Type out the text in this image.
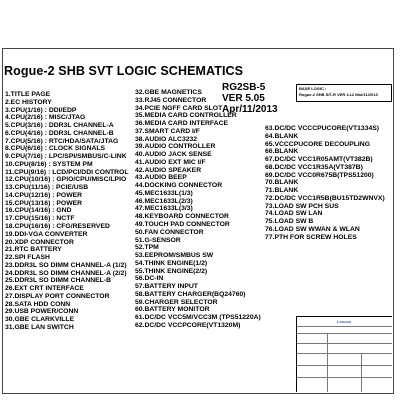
Rogue-2 SHB SVT LOGIC SCHEMATICS
RG2SB-5
VER 5.05
Apr/11/2013
BASE LOGIC :
Rogue-2 SHB SIT-R VER 4.12 Mar/11/2013
1.TITLE PAGE
2.EC HISTORY
3.CPU(1/16) : DDI/EDP
4.CPU(2/16) : MISC/JTAG
5.CPU(3/16) : DDR3L CHANNEL-A
6.CPU(4/16) : DDR3L CHANNEL-B
7.CPU(5/16) : RTC/HDA/SATA/JTAG
8.CPU(6/16) : CLOCK SIGNALS
9.CPU(7/16) : LPC/SPI/SMBUS/C-LINK
10.CPU(8/16) : SYSTEM PM
11.CPU(9/16) : LCD/PCI/DDI CONTROL
12.CPU(10/16) : GPIO/CPU/MISC/LPIO
13.CPU(11/16) : PCIE/USB
14.CPU(12/16) : POWER
15.CPU(13/16) : POWER
16.CPU(14/16) : GND
17.CPU(15/16) : NCTF
18.CPU(16/16) : CFG/RESERVED
19.DDI-VGA CONVERTER
20.XDP CONNECTOR
21.RTC BATTERY
22.SPI FLASH
23.DDR3L SO DIMM CHANNEL-A (1/2)
24.DDR3L SO DIMM CHANNEL-A (2/2)
25.DDR3L SO DIMM CHANNEL-B
26.EXT CRT INTERFACE
27.DISPLAY PORT CONNECTOR
28.SATA HDD CONN
29.USB POWER/CONN
30.GBE CLARKVILLE
31.GBE LAN SWITCH
32.GBE MAGNETICS
33.RJ45 CONNECTOR
34.PCIE NGFF CARD SLOT
35.MEDIA CARD CONTROLLER
36.MEDIA CARD INTERFACE
37.SMART CARD I/F
38.AUDIO ALC3232
39.AUDIO CONTROLLER
40.AUDIO JACK SENSE
41.AUDIO EXT MIC I/F
42.AUDIO SPEAKER
43.AUDIO BEEP
44.DOCKING CONNECTOR
45.MEC1633L(1/3)
46.MEC1633L(2/3)
47.MEC1633L(3/3)
48.KEYBOARD CONNECTOR
49.TOUCH PAD CONNECTOR
50.FAN CONNECTOR
51.G-SENSOR
52.TPM
53.EEPROM/SMBUS SW
54.THINK ENGINE(1/2)
55.THINK ENGINE(2/2)
56.DC-IN
57.BATTERY INPUT
58.BATTERY CHARGER(BQ24760)
59.CHARGER SELECTOR
60.BATTERY MONITOR
61.DC/DC VCC5M/VCC3M (TPS51220A)
62.DC/DC VCCPCORE(VT1320M)
63.DC/DC VCCCPUCORE(VT1334S)
64.BLANK
65.VCCCPUCORE DECOUPLING
66.BLANK
67.DC/DC VCC1R05AMT(VT382B)
68.DC/DC VCC1R35A(VT387B)
69.DC/DC VCC0R675B(TPS51200)
70.BLANK
71.BLANK
72.DC/DC VCC1R5B(BU15TD2WNVX)
73.LOAD SW PCH SUS
74.LOAD SW LAN
75.LOAD SW B
76.LOAD SW WWAN & WLAN
77.PTH FOR SCREW HOLES
Lenovo
